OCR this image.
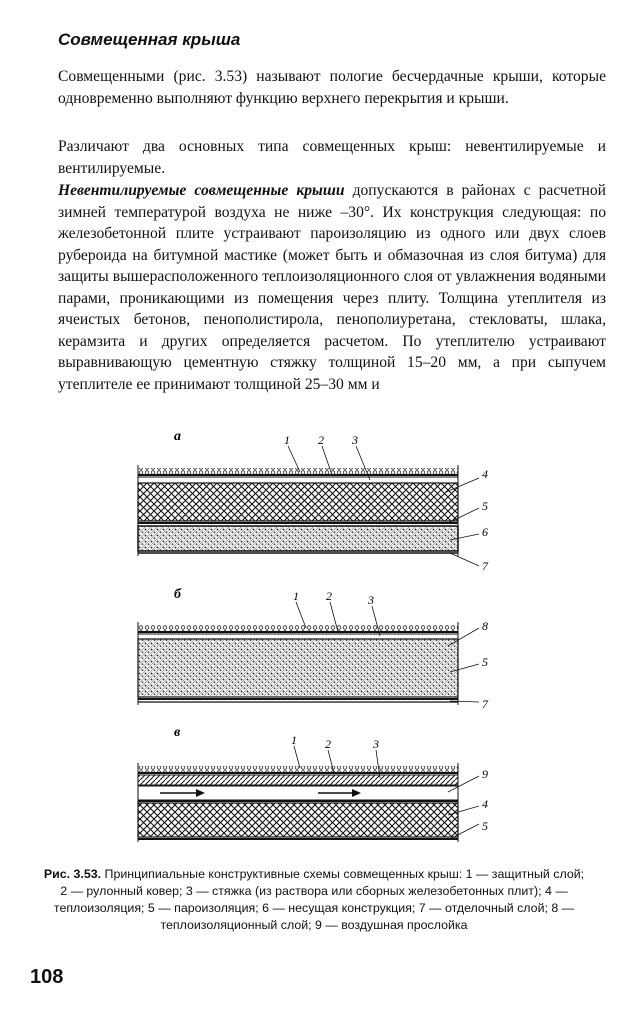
Совмещенная крыша

Совмещенными (рис. 3.53) называют пологие бесчердачные крыши, которые одновременно выполняют функцию верхнего перекрытия и крыши.

Различают два основных типа совмещенных крыш: невентилируемые и вентилируемые.

Невентилируемые совмещенные крыши допускаются в районах с расчетной зимней температурой воздуха не ниже –30°. Их конструкция следующая: по железобетонной плите устраивают пароизоляцию из одного или двух слоев рубероида на битумной мастике (может быть и обмазочная из слоя битума) для защиты вышерасположенного теплоизоляционного слоя от увлажнения водяными парами, проникающими из помещения через плиту. Толщина утеплителя из ячеистых бетонов, пенополистирола, пенополиуретана, стекловаты, шлака, керамзита и других определяется расчетом. По утеплителю устраивают выравнивающую цементную стяжку толщиной 15–20 мм, а при сыпучем утеплителе ее принимают толщиной 25–30 мм и

а	1 2 3
4
5
6
7
б	1 2	3
8
5
7
в	1 2	3
9
4
5
Рис. 3.53. Принципиальные конструктивные схемы совмещенных крыш: 1 — защитный слой; 2 — рулонный ковер; 3 — стяжка (из раствора или сборных железобетонных плит); 4 — теплоизоляция; 5 — пароизоляция; 6 — несущая конструкция; 7 — отделочный слой; 8 — теплоизоляционный слой; 9 — воздушная прослойка
108
